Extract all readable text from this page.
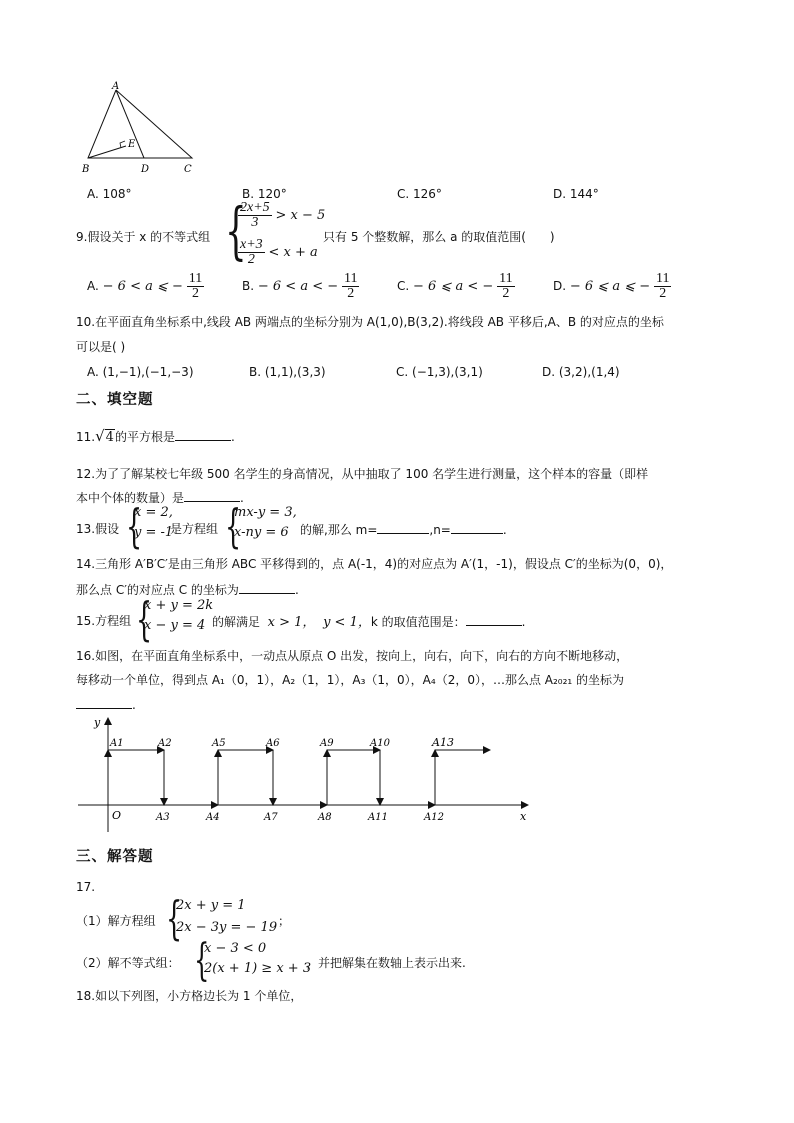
A
B	C
D
E
A. 108°	B. 120°	C. 126°	D. 144°
9.假设关于 x 的不等式组 {
$\frac{2x+5}{3} > x - 5$
$\frac{x+3}{2} < x + a$
只有 5 个整数解，那么 a 的取值范围(　　)
A. − 6 < a ⩽ − $\frac{11}{2}$	B. − 6 < a < − $\frac{11}{2}$	C. − 6 ⩽ a < − $\frac{11}{2}$	D. − 6 ⩽ a ⩽ − $\frac{11}{2}$
10.在平面直角坐标系中,线段 AB 两端点的坐标分别为 A(1,0),B(3,2).将线段 AB 平移后,A、B 的对应点的坐标
可以是( )
A. (1,−1),(−1,−3)	B. (1,1),(3,3)	C. (−1,3),(3,1)	D. (3,2),(1,4)
二、填空题
11.√4的平方根是	.
12.为了了解某校七年级 500 名学生的身高情况，从中抽取了 100 名学生进行测量，这个样本的容量（即样
本中个体的数量）是	.
13.假设 {
x = 2,
y = -1
是方程组 {
mx-y = 3,
x-ny = 6 的解,那么 m=	,n=	.
14.三角形 A′B′C′是由三角形 ABC 平移得到的，点 A(-1，4)的对应点为 A′(1，-1)，假设点 C′的坐标为(0，0)，
那么点 C′的对应点 C 的坐标为	.
15.方程组 {
x + y = 2k
x − y = 4 的解满足 x > 1， y < 1，k 的取值范围是：	.
16.如图，在平面直角坐标系中，一动点从原点 O 出发，按向上，向右，向下，向右的方向不断地移动，
每移动一个单位，得到点 A₁（0，1），A₂（1，1），A₃（1，0），A₄（2，0），…那么点 A₂₀₂₁ 的坐标为
.
y
x
O
A1	A2	A5	A6	A9	A10	A13
A3	A4	A7	A8	A11	A12
三、解答题
17.
（1）解方程组 {
2x + y = 1
2x − 3y = − 19 ；
（2）解不等式组： {
x − 3 < 0
2(x + 1) ≥ x + 3
，并把解集在数轴上表示出来.
18.如以下列图，小方格边长为 1 个单位，
